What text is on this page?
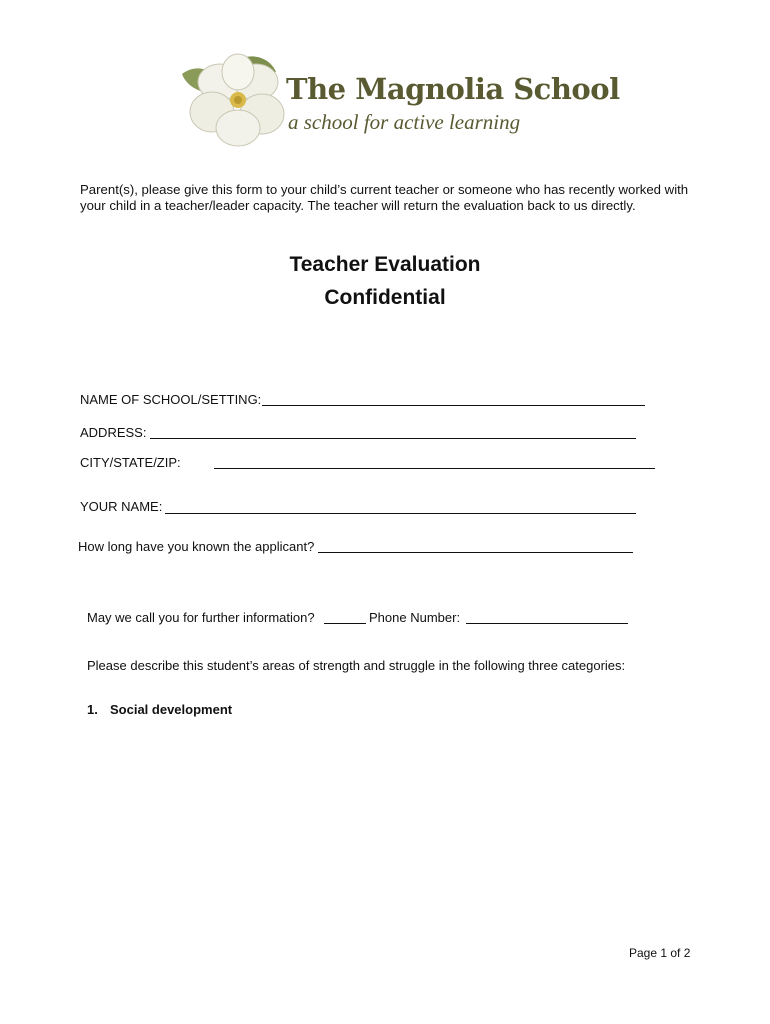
The Magnolia School
a school for active learning
Parent(s), please give this form to your child’s current teacher or someone who has recently worked with your child in a teacher/leader capacity. The teacher will return the evaluation back to us directly.
Teacher Evaluation
Confidential
NAME OF SCHOOL/SETTING:
ADDRESS:
CITY/STATE/ZIP:
YOUR NAME:
How long have you known the applicant?
May we call you for further information?	Phone Number:
Please describe this student’s areas of strength and struggle in the following three categories:
1. Social development
Page 1 of 2
